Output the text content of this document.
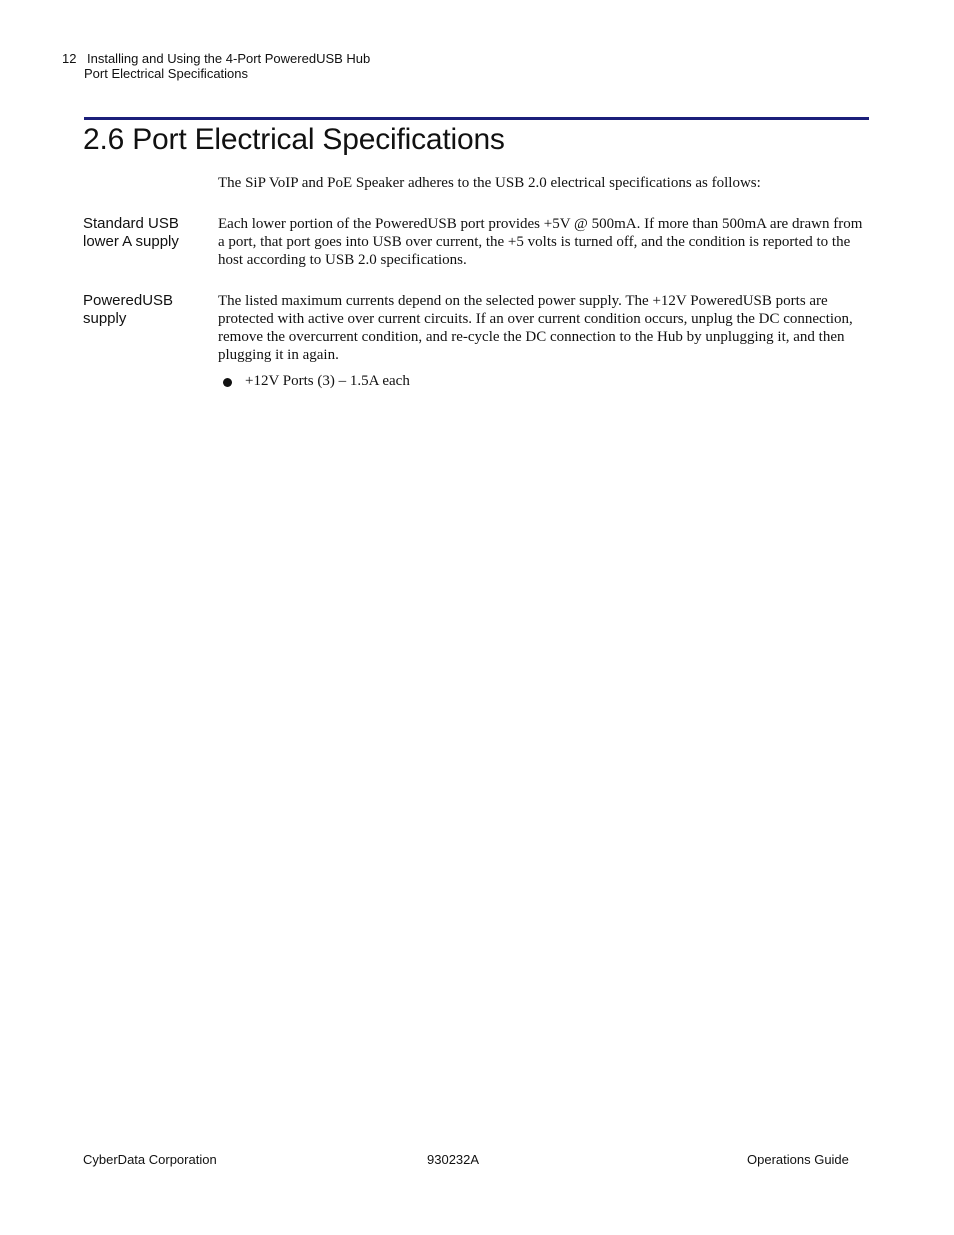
12 Installing and Using the 4-Port PoweredUSB Hub
Port Electrical Specifications
2.6 Port Electrical Specifications
The SiP VoIP and PoE Speaker adheres to the USB 2.0 electrical specifications as follows:
Standard USB
lower A supply
Each lower portion of the PoweredUSB port provides +5V @ 500mA. If more than 500mA are drawn from a port, that port goes into USB over current, the +5 volts is turned off, and the condition is reported to the host according to USB 2.0 specifications.
PoweredUSB
supply
The listed maximum currents depend on the selected power supply. The +12V PoweredUSB ports are protected with active over current circuits. If an over current condition occurs, unplug the DC connection, remove the overcurrent condition, and re-cycle the DC connection to the Hub by unplugging it, and then plugging it in again.
+12V Ports (3) – 1.5A each
CyberData Corporation	930232A	Operations Guide
